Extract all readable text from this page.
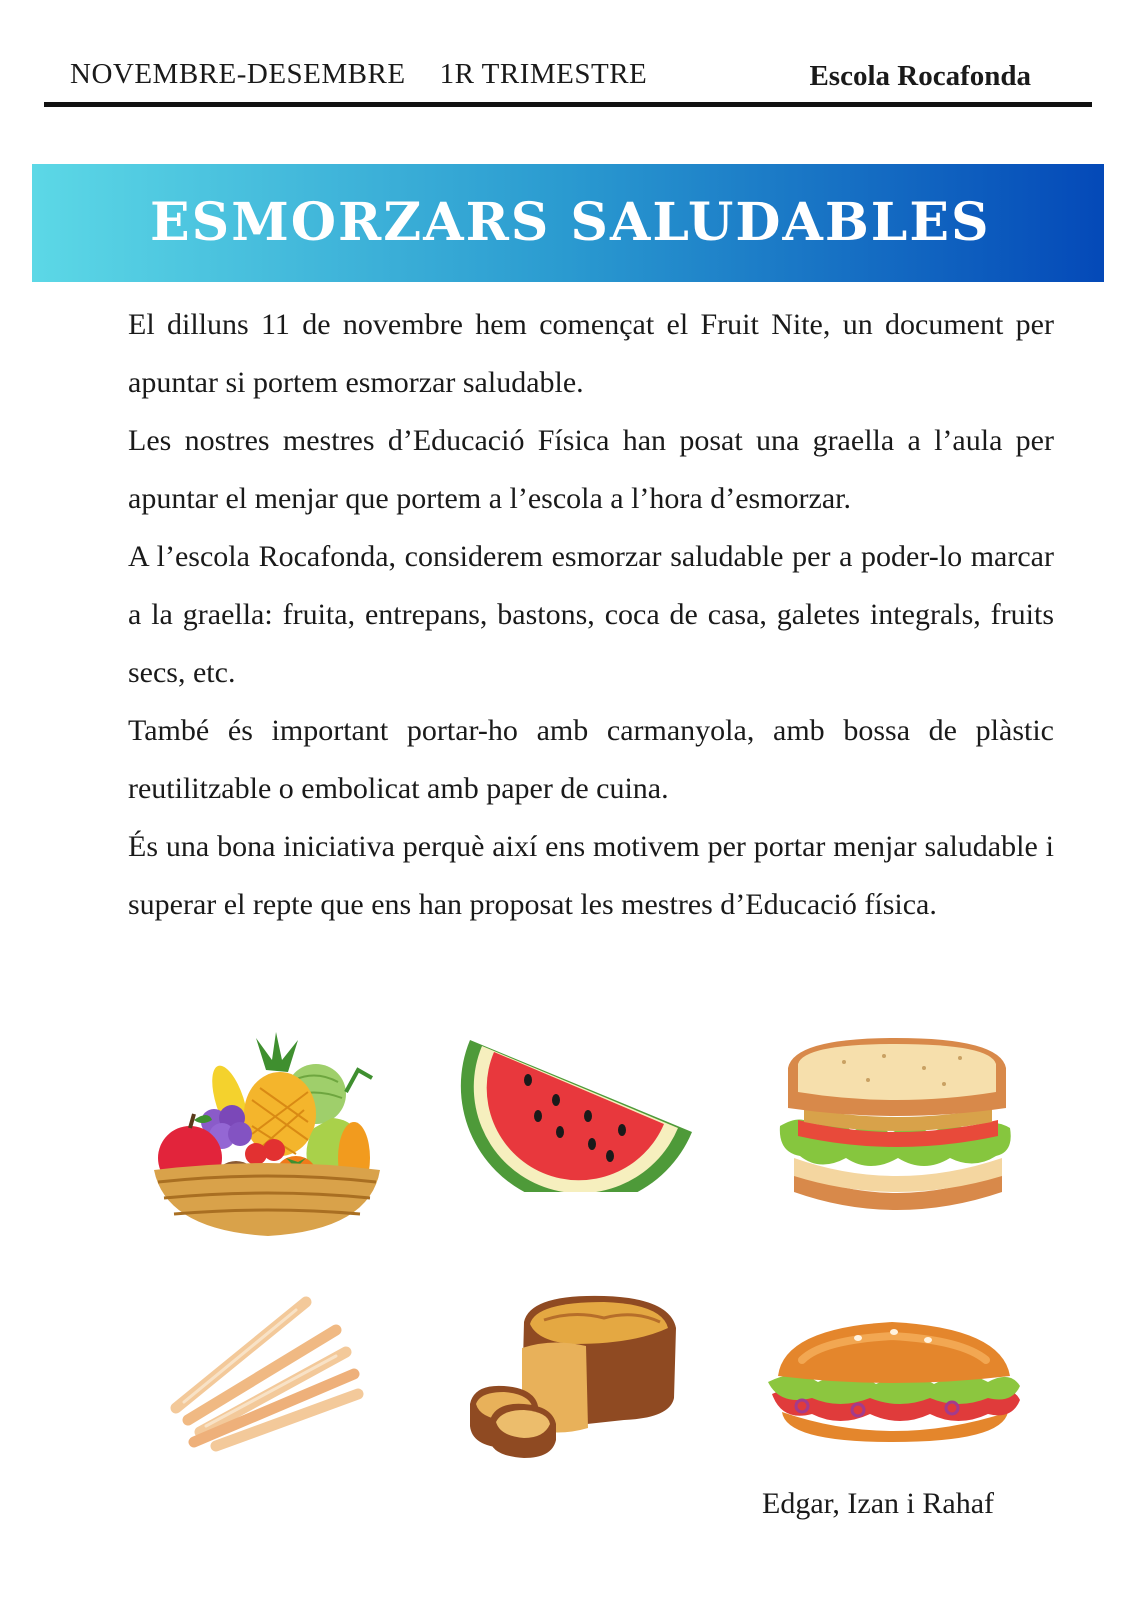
NOVEMBRE-DESEMBRE 1R TRIMESTRE	Escola Rocafonda
ESMORZARS SALUDABLES

El dilluns 11 de novembre hem començat el Fruit Nite, un document per apuntar si portem esmorzar saludable.

Les nostres mestres d’Educació Física han posat una graella a l’aula per apuntar el menjar que portem a l’escola a l’hora d’esmorzar.

A l’escola Rocafonda, considerem esmorzar saludable per a poder-lo marcar a la graella: fruita, entrepans, bastons, coca de casa, galetes integrals, fruits secs, etc.

També és important portar-ho amb carmanyola, amb bossa de plàstic reutilitzable o embolicat amb paper de cuina.

És una bona iniciativa perquè així ens motivem per portar menjar saludable i superar el repte que ens han proposat les mestres d’Educació física.

Edgar, Izan i Rahaf
